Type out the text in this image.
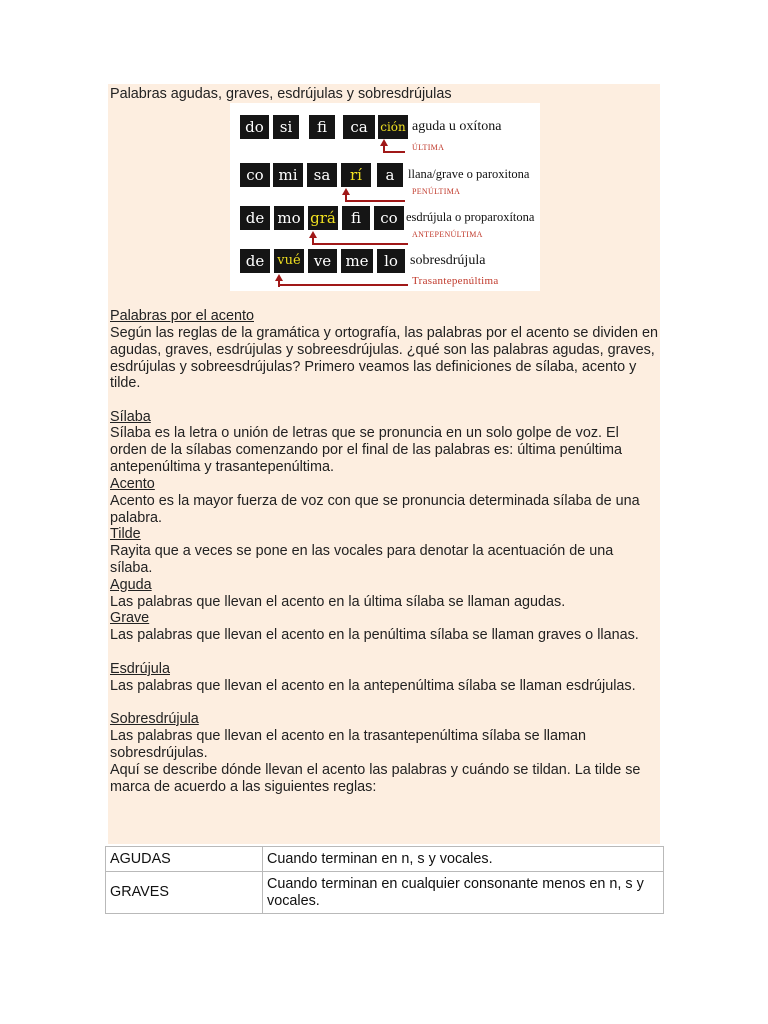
Palabras agudas, graves, esdrújulas y sobresdrújulas
do	si	fi	ca	ción aguda u oxítona
ÚLTIMA
co mi	sa	rí	a	llana/grave o paroxitona
PENÚLTIMA
de mo grá	fi	co esdrújula o proparoxítona
ANTEPENÚLTIMA
de	vué ve me	lo sobresdrújula
Trasantepenúltima
Palabras por el acento
Según las reglas de la gramática y ortografía, las palabras por el acento se dividen en agudas, graves, esdrújulas y sobreesdrújulas. ¿qué son las palabras agudas, graves, esdrújulas y sobreesdrújulas? Primero veamos las definiciones de sílaba, acento y tilde.
Sílaba
Sílaba es la letra o unión de letras que se pronuncia en un solo golpe de voz. El orden de la sílabas comenzando por el final de las palabras es: última penúltima antepenúltima y trasantepenúltima.
Acento
Acento es la mayor fuerza de voz con que se pronuncia determinada sílaba de una palabra.
Tilde
Rayita que a veces se pone en las vocales para denotar la acentuación de una sílaba.
Aguda
Las palabras que llevan el acento en la última sílaba se llaman agudas.
Grave
Las palabras que llevan el acento en la penúltima sílaba se llaman graves o llanas.
Esdrújula
Las palabras que llevan el acento en la antepenúltima sílaba se llaman esdrújulas.
Sobresdrújula
Las palabras que llevan el acento en la trasantepenúltima sílaba se llaman sobresdrújulas.
Aquí se describe dónde llevan el acento las palabras y cuándo se tildan. La tilde se marca de acuerdo a las siguientes reglas:
AGUDAS	Cuando terminan en n, s y vocales.
GRAVES	Cuando terminan en cualquier consonante menos en n, s y vocales.
